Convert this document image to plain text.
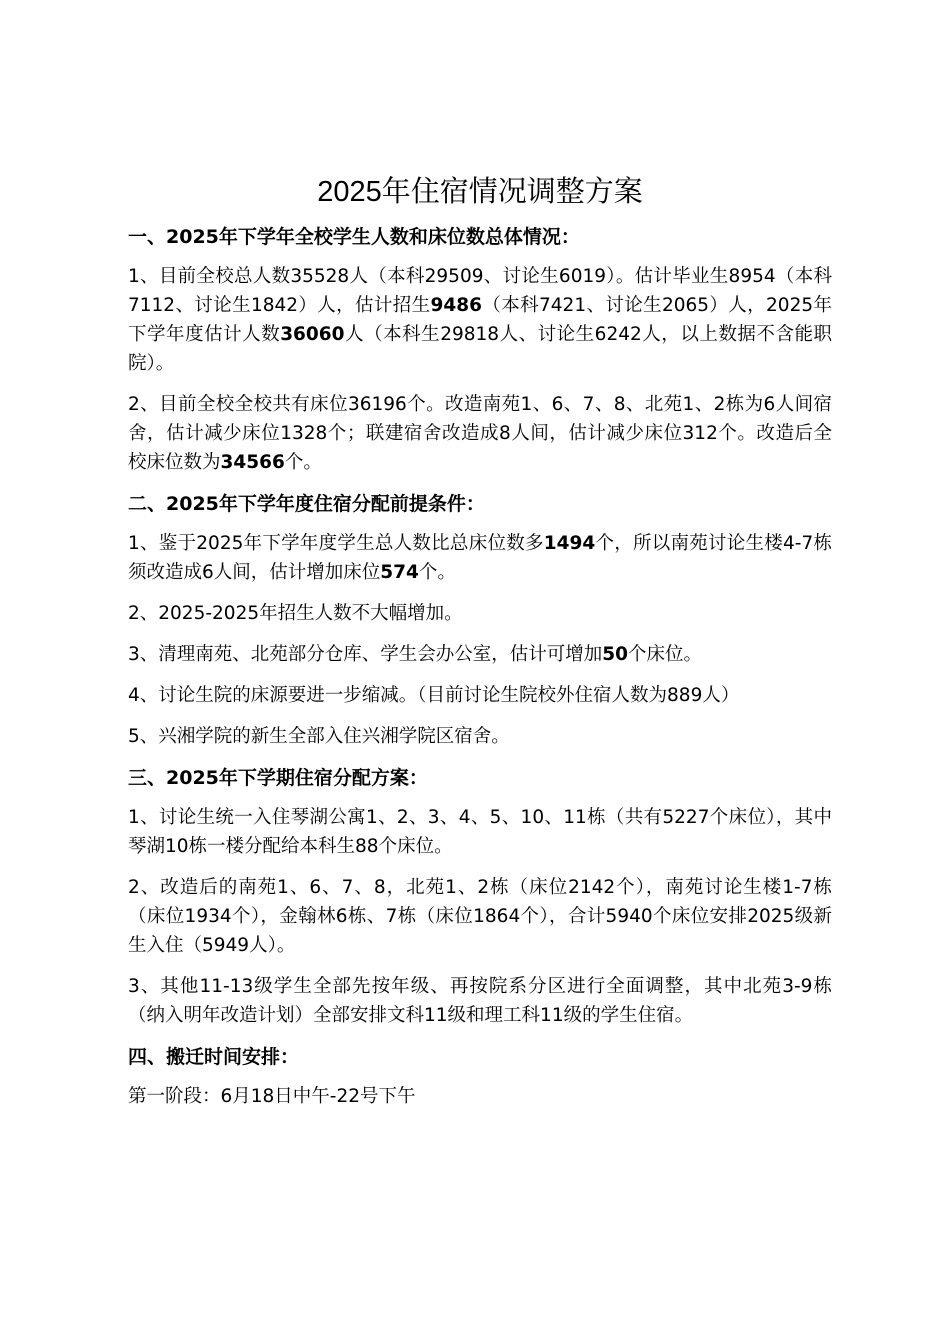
2025年住宿情况调整方案
一、2025年下学年全校学生人数和床位数总体情况：

1、目前全校总人数35528人（本科29509、讨论生6019）。估计毕业生8954（本科7112、讨论生1842）人，估计招生9486（本科7421、讨论生2065）人，2025年下学年度估计人数36060人（本科生29818人、讨论生6242人，以上数据不含能职院）。

2、目前全校全校共有床位36196个。改造南苑1、6、7、8、北苑1、2栋为6人间宿舍，估计减少床位1328个；联建宿舍改造成8人间，估计减少床位312个。改造后全校床位数为34566个。

二、2025年下学年度住宿分配前提条件：

1、鉴于2025年下学年度学生总人数比总床位数多1494个，所以南苑讨论生楼4-7栋须改造成6人间，估计增加床位574个。

2、2025-2025年招生人数不大幅增加。

3、清理南苑、北苑部分仓库、学生会办公室，估计可增加50个床位。

4、讨论生院的床源要进一步缩减。（目前讨论生院校外住宿人数为889人）

5、兴湘学院的新生全部入住兴湘学院区宿舍。

三、2025年下学期住宿分配方案：

1、讨论生统一入住琴湖公寓1、2、3、4、5、10、11栋（共有5227个床位），其中琴湖10栋一楼分配给本科生88个床位。

2、改造后的南苑1、6、7、8，北苑1、2栋（床位2142个），南苑讨论生楼1-7栋（床位1934个），金翰林6栋、7栋（床位1864个），合计5940个床位安排2025级新生入住（5949人）。

3、其他11-13级学生全部先按年级、再按院系分区进行全面调整，其中北苑3-9栋（纳入明年改造计划）全部安排文科11级和理工科11级的学生住宿。

四、搬迁时间安排：

第一阶段：6月18日中午-22号下午
